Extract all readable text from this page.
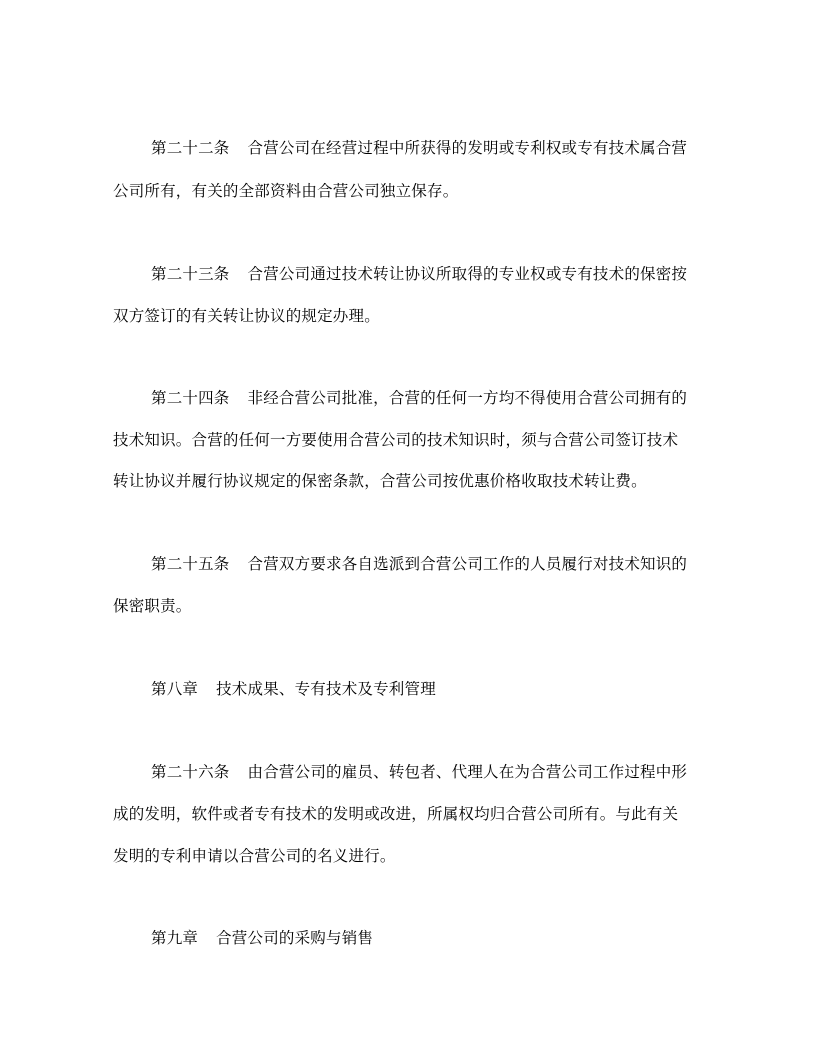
第二十二条 合营公司在经营过程中所获得的发明或专利权或专有技术属合营
公司所有，有关的全部资料由合营公司独立保存。
第二十三条 合营公司通过技术转让协议所取得的专业权或专有技术的保密按
双方签订的有关转让协议的规定办理。
第二十四条 非经合营公司批准，合营的任何一方均不得使用合营公司拥有的
技术知识。合营的任何一方要使用合营公司的技术知识时，须与合营公司签订技术
转让协议并履行协议规定的保密条款，合营公司按优惠价格收取技术转让费。
第二十五条 合营双方要求各自选派到合营公司工作的人员履行对技术知识的
保密职责。
第八章 技术成果、专有技术及专利管理
第二十六条 由合营公司的雇员、转包者、代理人在为合营公司工作过程中形
成的发明，软件或者专有技术的发明或改进，所属权均归合营公司所有。与此有关
发明的专利申请以合营公司的名义进行。
第九章 合营公司的采购与销售
